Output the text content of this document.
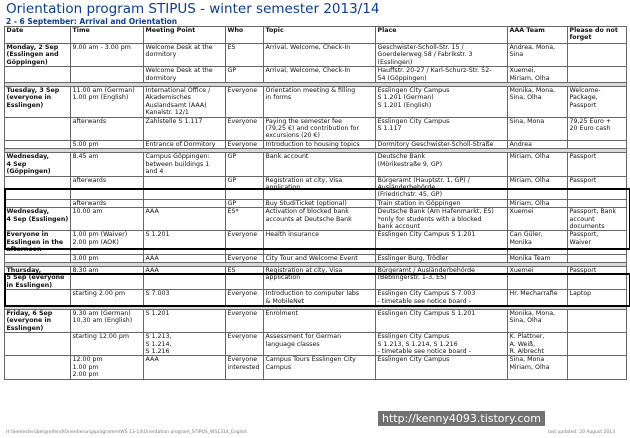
Orientation program STIPUS - winter semester 2013/14
2 - 6 September: Arrival and Orientation
Date	Time	Meeting Point	Who	Topic	Place	AAA Team	Please do not forget
Monday, 2 Sep
(Esslingen and
Göppingen)	9.00 am - 3.00 pm	Welcome Desk at the
dormitory	ES	Arrival, Welcome, Check-In	Geschwister-Scholl-Str. 15 /
Goerdelerweg 58 / Fabrikstr. 3
(Esslingen)	Andrea, Mona,
Sina	
		Welcome Desk at the
dormitory	GP	Arrival, Welcome, Check-In	Hauffstr. 20-27 / Karl-Schurz-Str. 52-
54 (Göppingen)	Xuemei,
Miriam, Olha	

Tuesday, 3 Sep
(everyone in
Esslingen)	11.00 am (German)
1.00 pm (English)	International Office /
Akademisches
Auslandsamt (AAA)
Kanalstr. 12/1	Everyone	Orientation meeting & filling
in forms	Esslingen City Campus
S 1.201 (German)
S 1.201 (English)	Monika, Mona,
Sina, Olha	Welcome-
Package,
Passport
	afterwards	Zahlstelle S 1.117	Everyone	Paying the semester fee
(79,25 €) and contribution for
excursions (20 €)	Esslingen City Campus
S 1.117	Sina, Mona	79,25 Euro +
20 Euro cash
	5.00 pm	Entrance of Dormitory	Everyone	Introduction to housing topics	Dormitory Geschwister-Scholl-Straße	Andrea	

Wednesday,
4 Sep
(Göppingen)	8.45 am	Campus Göppingen:
between buildings 1
and 4	GP	Bank account	Deutsche Bank
(Mörikestraße 9, GP)	Miriam, Olha	Passport
	afterwards		GP	Registration at city, Visa
application	Bürgeramt (Hauptstr. 1, GP) /
Ausländerbehörde
(Friedrichstr. 45, GP)	Miriam, Olha	Passport
	afterwards		GP	Buy StudiTicket (optional)	Train station in Göppingen	Miriam, Olha	
Wednesday,
4 Sep (Esslingen)	10.00 am	AAA	ES*	Activation of blocked bank
accounts at Deutsche Bank	Deutsche Bank (Am Hafenmarkt, ES)
*only for students with a blocked
bank account	Xuemei	Passport, Bank
account
documents
Everyone in
Esslingen in the
afternoon	1.00 pm (Waiver)
2.00 pm (AOK)	S 1.201	Everyone	Health insurance	Esslingen City Campus S 1.201	Can Güler,
Monika	Passport,
Waiver
	3.00 pm	AAA	Everyone	City Tour and Welcome Event	Esslinger Burg, Trödler	Monika Team	

Thursday,
5 Sep (everyone
in Esslingen)	8.30 am	AAA	ES	Registration at city, Visa
application	Bürgeramt / Ausländerbehörde
(Beblingerstr. 1-3, ES)	Xuemei	Passport
	starting 2.00 pm	S 7.003	Everyone	Introduction to computer labs
& MobileNet	Esslingen City Campus S 7.003
- timetable see notice board -	Hr. Mecharrafie	Laptop

Friday, 6 Sep
(everyone in
Esslingen)	9.30 am (German)
10.30 am (English)	S 1.201	Everyone	Enrolment	Esslingen City Campus S 1.201	Monika, Mona,
Sina, Olha	
	starting 12.00 pm	S 1.213,
S 1.214,
S 1.216	Everyone	Assessment for German
language classes	Esslingen City Campus
S 1.213, S 1.214, S 1.216
- timetable see notice board -	K. Plattner,
A. Weiß,
R. Albrecht	
	12.00 pm
1.00 pm
2.00 pm	AAA	Everyone
interested	Campus Tours Esslingen City
Campus	Esslingen City Campus	Sina, Mona
Miriam, Olha	
H:\Semesterübergreifend\Orientierungsprogramm\WS 13-14\Orientation program_STIPUS_WS1314_English	last updated: 20 August 2013
http://kenny4093.tistory.com
